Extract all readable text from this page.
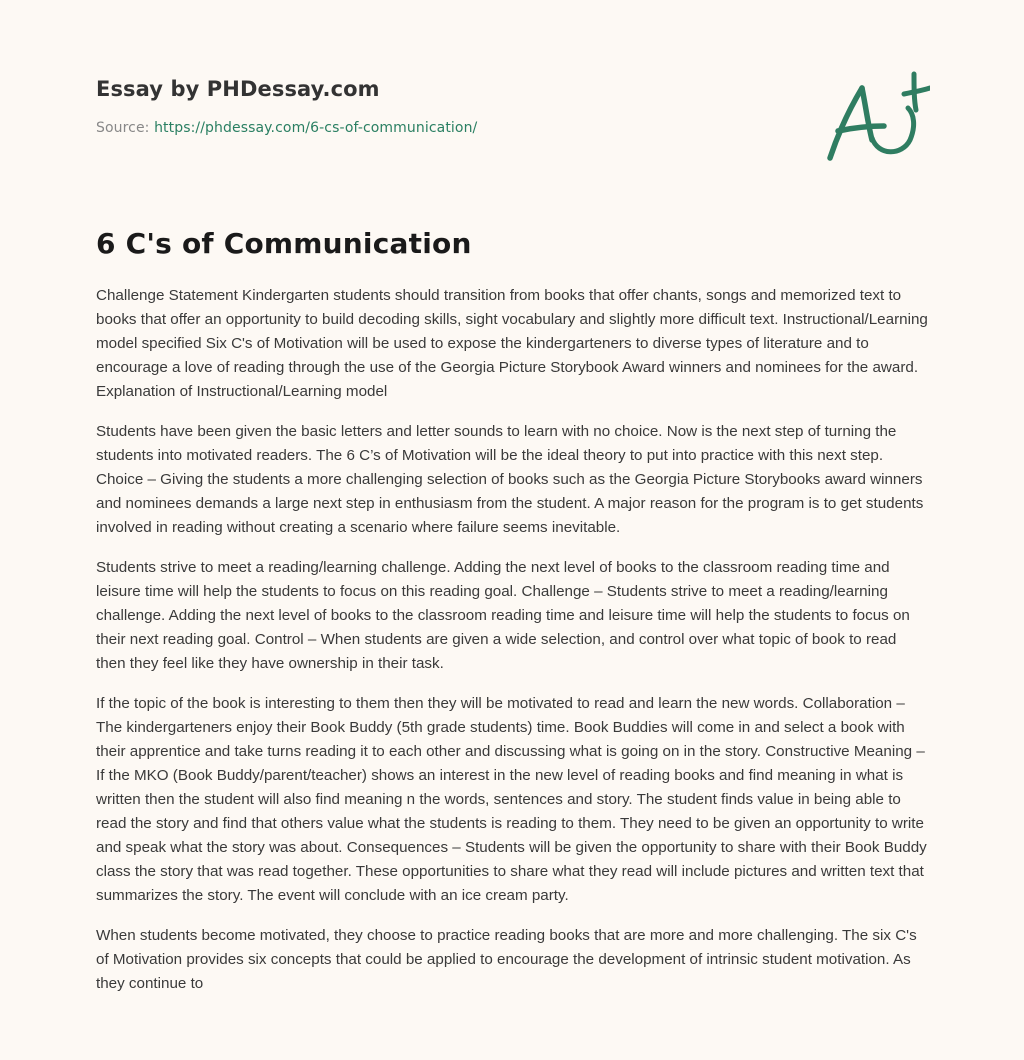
Essay by PHDessay.com
Source: https://phdessay.com/6-cs-of-communication/
6 C's of Communication

Challenge Statement Kindergarten students should transition from books that offer chants, songs and memorized text to books that offer an opportunity to build decoding skills, sight vocabulary and slightly more difficult text. Instructional/Learning model specified Six C's of Motivation will be used to expose the kindergarteners to diverse types of literature and to encourage a love of reading through the use of the Georgia Picture Storybook Award winners and nominees for the award. Explanation of Instructional/Learning model

Students have been given the basic letters and letter sounds to learn with no choice. Now is the next step of turning the students into motivated readers. The 6 C’s of Motivation will be the ideal theory to put into practice with this next step. Choice – Giving the students a more challenging selection of books such as the Georgia Picture Storybooks award winners and nominees demands a large next step in enthusiasm from the student. A major reason for the program is to get students involved in reading without creating a scenario where failure seems inevitable.

Students strive to meet a reading/learning challenge. Adding the next level of books to the classroom reading time and leisure time will help the students to focus on this reading goal. Challenge – Students strive to meet a reading/learning challenge. Adding the next level of books to the classroom reading time and leisure time will help the students to focus on their next reading goal. Control – When students are given a wide selection, and control over what topic of book to read then they feel like they have ownership in their task.

If the topic of the book is interesting to them then they will be motivated to read and learn the new words. Collaboration – The kindergarteners enjoy their Book Buddy (5th grade students) time. Book Buddies will come in and select a book with their apprentice and take turns reading it to each other and discussing what is going on in the story. Constructive Meaning – If the MKO (Book Buddy/parent/teacher) shows an interest in the new level of reading books and find meaning in what is written then the student will also find meaning n the words, sentences and story. The student finds value in being able to read the story and find that others value what the students is reading to them. They need to be given an opportunity to write and speak what the story was about. Consequences – Students will be given the opportunity to share with their Book Buddy class the story that was read together. These opportunities to share what they read will include pictures and written text that summarizes the story. The event will conclude with an ice cream party.

When students become motivated, they choose to practice reading books that are more and more challenging. The six C's of Motivation provides six concepts that could be applied to encourage the development of intrinsic student motivation. As they continue to
